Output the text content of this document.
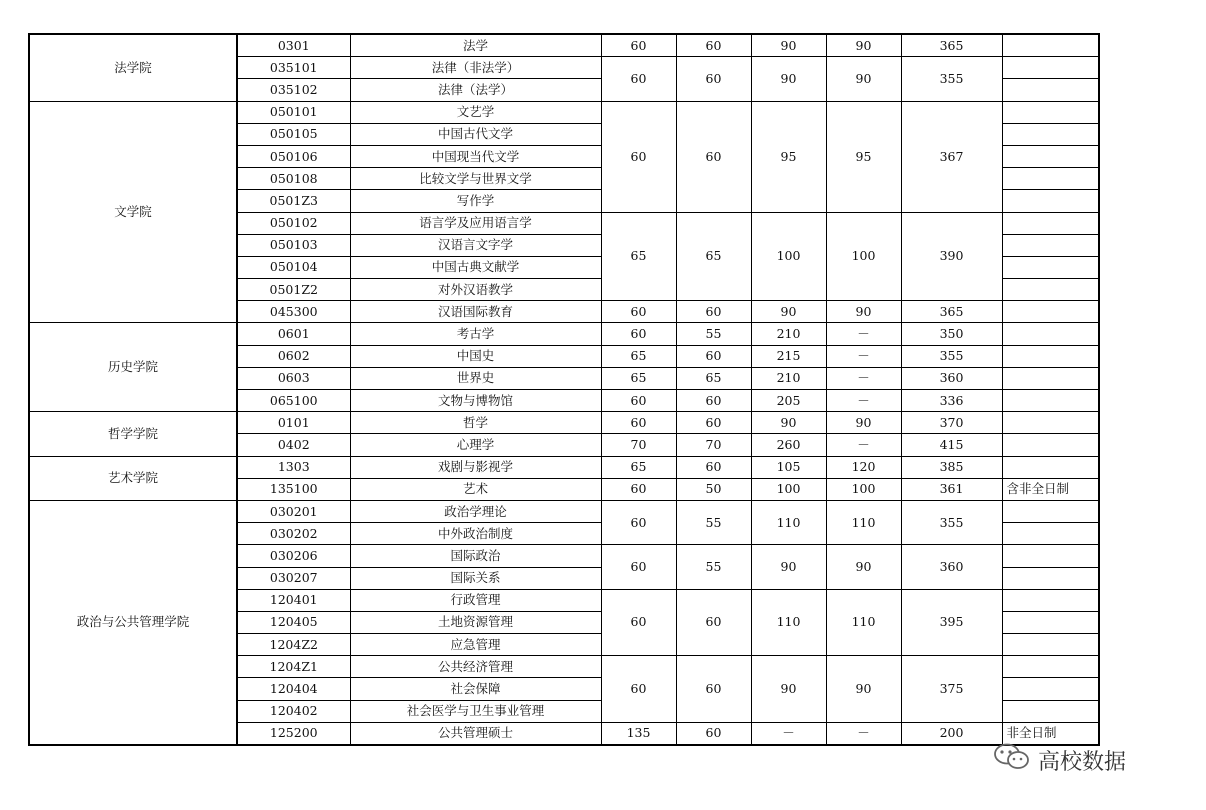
法学院	0301	法学	60	60	90	90	365	
	035101	法律（非法学）	60	60	90	90	355	
	035102	法律（法学）						
文学院	050101	文艺学	60	60	95	95	367	
	050105	中国古代文学						
	050106	中国现当代文学						
	050108	比较文学与世界文学						
	0501Z3	写作学						
	050102	语言学及应用语言学	65	65	100	100	390	
	050103	汉语言文字学						
	050104	中国古典文献学						
	0501Z2	对外汉语教学						
	045300	汉语国际教育	60	60	90	90	365	
历史学院	0601	考古学	60	55	210	－	350	
	0602	中国史	65	60	215	－	355	
	0603	世界史	65	65	210	－	360	
	065100	文物与博物馆	60	60	205	－	336	
哲学学院	0101	哲学	60	60	90	90	370	
	0402	心理学	70	70	260	－	415	
艺术学院	1303	戏剧与影视学	65	60	105	120	385	
	135100	艺术	60	50	100	100	361	含非全日制
政治与公共管理学院	030201	政治学理论	60	55	110	110	355	
	030202	中外政治制度						
	030206	国际政治	60	55	90	90	360	
	030207	国际关系						
	120401	行政管理	60	60	110	110	395	
	120405	土地资源管理						
	1204Z2	应急管理						
	1204Z1	公共经济管理	60	60	90	90	375	
	120404	社会保障						
	120402	社会医学与卫生事业管理						
	125200	公共管理硕士	135	60	－	－	200	非全日制
高校数据
